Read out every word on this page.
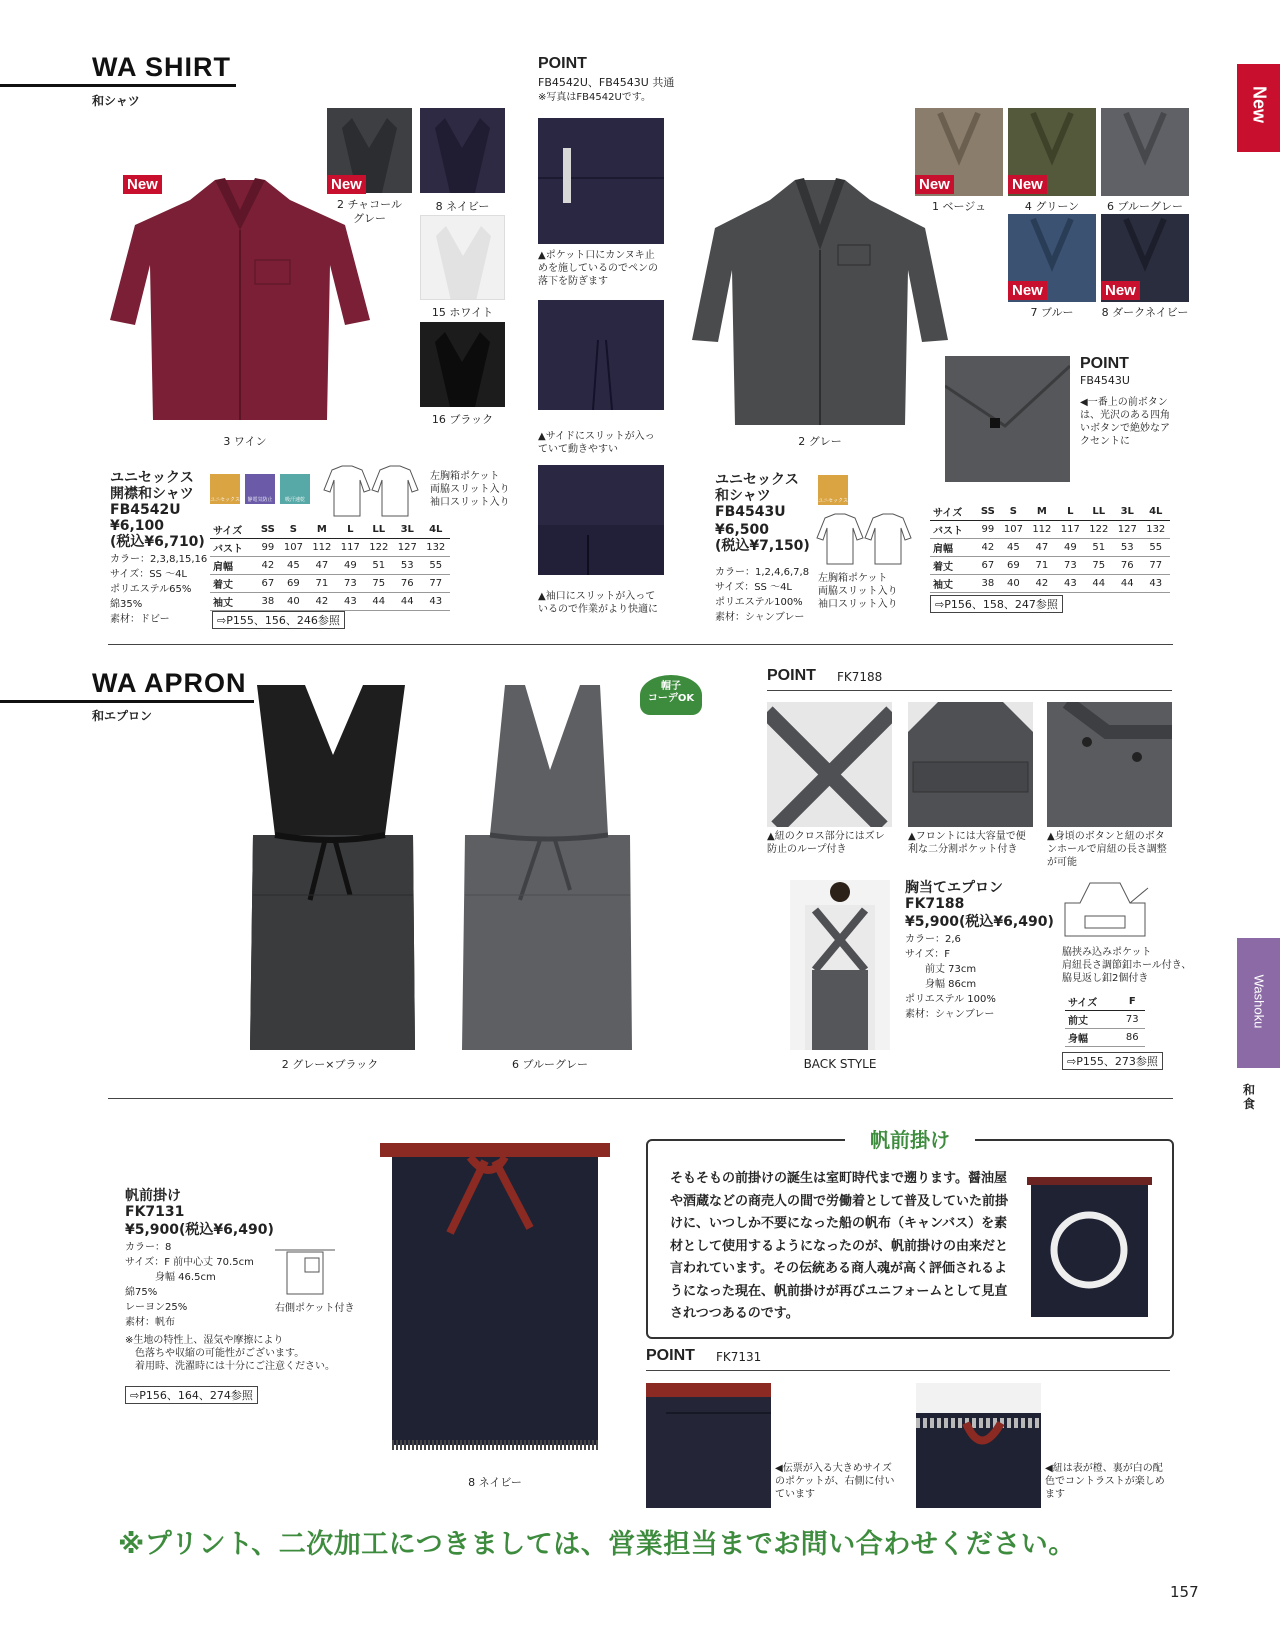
New
Washoku
和食
WA SHIRT
和シャツ
New
3 ワイン
New
2 チャコール
グレー
8 ネイビー
15 ホワイト
16 ブラック
ユニセックス
開襟和シャツ
FB4542U
¥6,100
(税込¥6,710)
カラー：2,3,8,15,16
サイズ：SS ～4L
ポリエステル65%
綿35%
素材：ドビー
ユニセックス	静電気防止	吸汗速乾
左胸箱ポケット
両脇スリット入り
袖口スリット入り
サイズ	SS	S	M	L	LL	3L	4L
バスト	99	107	112	117	122	127	132
肩幅	42	45	47	49	51	53	55
着丈	67	69	71	73	75	76	77
袖丈	38	40	42	43	44	44	43
⇨P155、156、246参照
POINT
FB4542U、FB4543U 共通
※写真はFB4542Uです。
▲ポケット口にカンヌキ止めを施しているのでペンの落下を防ぎます
▲サイドにスリットが入っていて動きやすい
▲袖口にスリットが入っているので作業がより快適に
2 グレー
New
1 ベージュ
New
4 グリーン	6 ブルーグレー
New
7 ブルー
New
8 ダークネイビー
POINT
FB4543U
◀一番上の前ボタンは、光沢のある四角いボタンで絶妙なアクセントに
ユニセックス
和シャツ
FB4543U
¥6,500
(税込¥7,150)
カラー：1,2,4,6,7,8
サイズ：SS ～4L
ポリエステル100%
素材：シャンブレー
ユニセックス
左胸箱ポケット
両脇スリット入り
袖口スリット入り
サイズ	SS	S	M	L	LL	3L	4L
バスト	99	107	112	117	122	127	132
肩幅	42	45	47	49	51	53	55
着丈	67	69	71	73	75	76	77
袖丈	38	40	42	43	44	44	43
⇨P156、158、247参照
WA APRON
和エプロン
2 グレー×ブラック	6 ブルーグレー
帽子
コーデOK
POINT FK7188
▲紐のクロス部分にはズレ防止のループ付き
▲フロントには大容量で便利な二分割ポケット付き
▲身頃のボタンと紐のボタンホールで肩紐の長さ調整が可能
BACK STYLE
胸当てエプロン
FK7188
¥5,900(税込¥6,490)
カラー：2,6
サイズ：F
　　前丈 73cm
　　身幅 86cm
ポリエステル 100%
素材：シャンブレー
脇挟み込みポケット
肩紐長さ調節釦ホール付き、
脇見返し釦2個付き
サイズ	F
前丈	73
身幅	86
⇨P155、273参照
帆前掛け
FK7131
¥5,900(税込¥6,490)
カラー：8
サイズ：F 前中心丈 70.5cm
　　　身幅 46.5cm
綿75%
レーヨン25%
素材：帆布
※生地の特性上、湿気や摩擦により
　色落ちや収縮の可能性がございます。
　着用時、洗濯時には十分にご注意ください。
⇨P156、164、274参照
右側ポケット付き
8 ネイビー
帆前掛け
そもそもの前掛けの誕生は室町時代まで遡ります。醤油屋や酒蔵などの商売人の間で労働着として普及していた前掛けに、いつしか不要になった船の帆布（キャンバス）を素材として使用するようになったのが、帆前掛けの由来だと言われています。その伝統ある商人魂が高く評価されるようになった現在、帆前掛けが再びユニフォームとして見直されつつあるのです。
POINT FK7131
◀伝票が入る大きめサイズのポケットが、右側に付いています
◀紐は表が橙、裏が白の配色でコントラストが楽しめます
※プリント、二次加工につきましては、営業担当までお問い合わせください。
157
